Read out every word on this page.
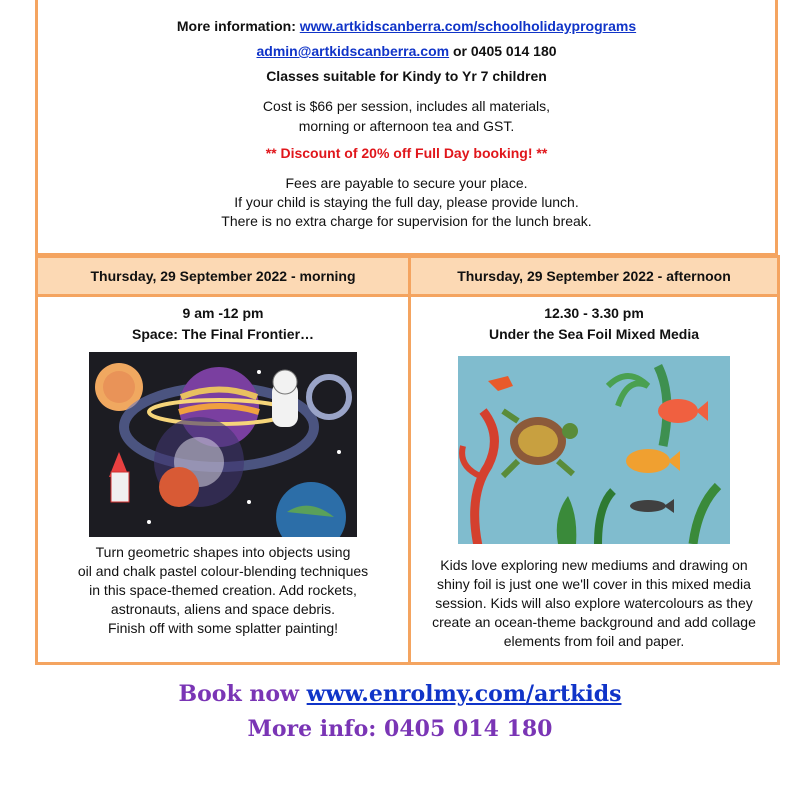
More information: www.artkidscanberra.com/schoolholidayprograms
admin@artkidscanberra.com or 0405 014 180
Classes suitable for Kindy to Yr 7 children
Cost is $66 per session, includes all materials,
morning or afternoon tea and GST.
** Discount of 20% off Full Day booking! **
Fees are payable to secure your place.
If your child is staying the full day, please provide lunch.
There is no extra charge for supervision for the lunch break.
Thursday, 29 September 2022 - morning
9 am -12 pm
Space: The Final Frontier…
Turn geometric shapes into objects using
oil and chalk pastel colour-blending techniques
in this space-themed creation. Add rockets,
astronauts, aliens and space debris.
Finish off with some splatter painting!
Thursday, 29 September 2022 - afternoon
12.30 - 3.30 pm
Under the Sea Foil Mixed Media
Kids love exploring new mediums and drawing on
shiny foil is just one we'll cover in this mixed media
session. Kids will also explore watercolours as they
create an ocean-theme background and add collage
elements from foil and paper.
Book now www.enrolmy.com/artkids
More info: 0405 014 180
